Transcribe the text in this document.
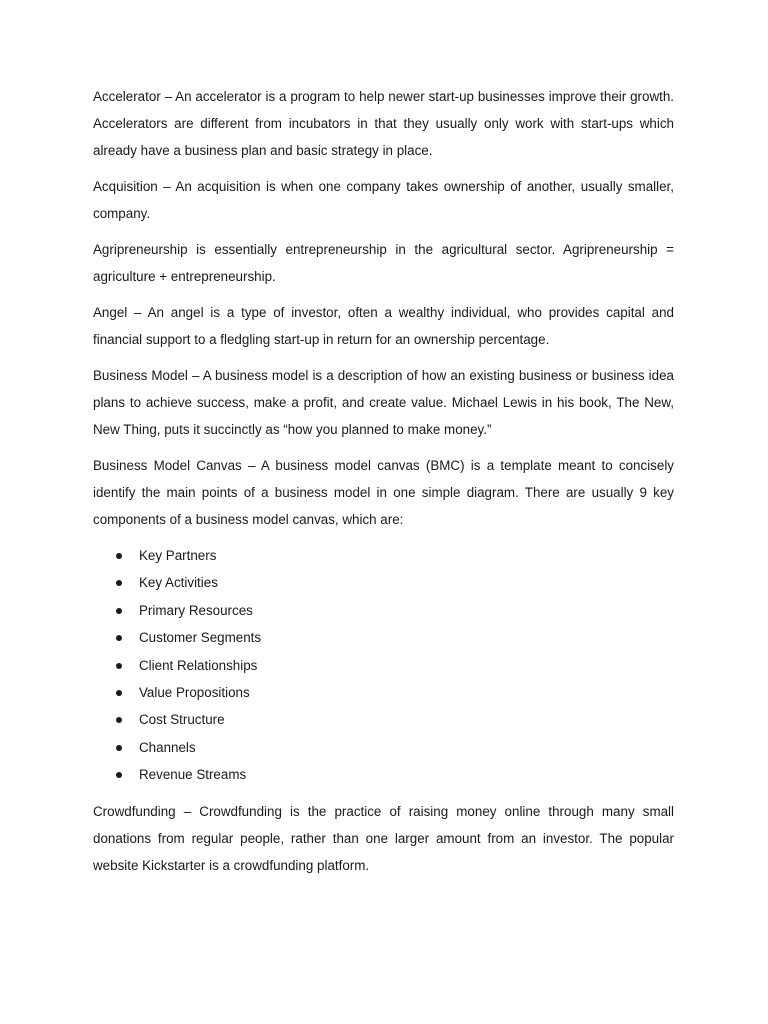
Accelerator – An accelerator is a program to help newer start-up businesses improve their growth. Accelerators are different from incubators in that they usually only work with start-ups which already have a business plan and basic strategy in place.

Acquisition – An acquisition is when one company takes ownership of another, usually smaller, company.

Agripreneurship is essentially entrepreneurship in the agricultural sector. Agripreneurship = agriculture + entrepreneurship.

Angel – An angel is a type of investor, often a wealthy individual, who provides capital and financial support to a fledgling start-up in return for an ownership percentage.

Business Model – A business model is a description of how an existing business or business idea plans to achieve success, make a profit, and create value. Michael Lewis in his book, The New, New Thing, puts it succinctly as “how you planned to make money.”

Business Model Canvas – A business model canvas (BMC) is a template meant to concisely identify the main points of a business model in one simple diagram. There are usually 9 key components of a business model canvas, which are:

Key Partners
Key Activities
Primary Resources
Customer Segments
Client Relationships
Value Propositions
Cost Structure
Channels
Revenue Streams

Crowdfunding – Crowdfunding is the practice of raising money online through many small donations from regular people, rather than one larger amount from an investor. The popular website Kickstarter is a crowdfunding platform.
